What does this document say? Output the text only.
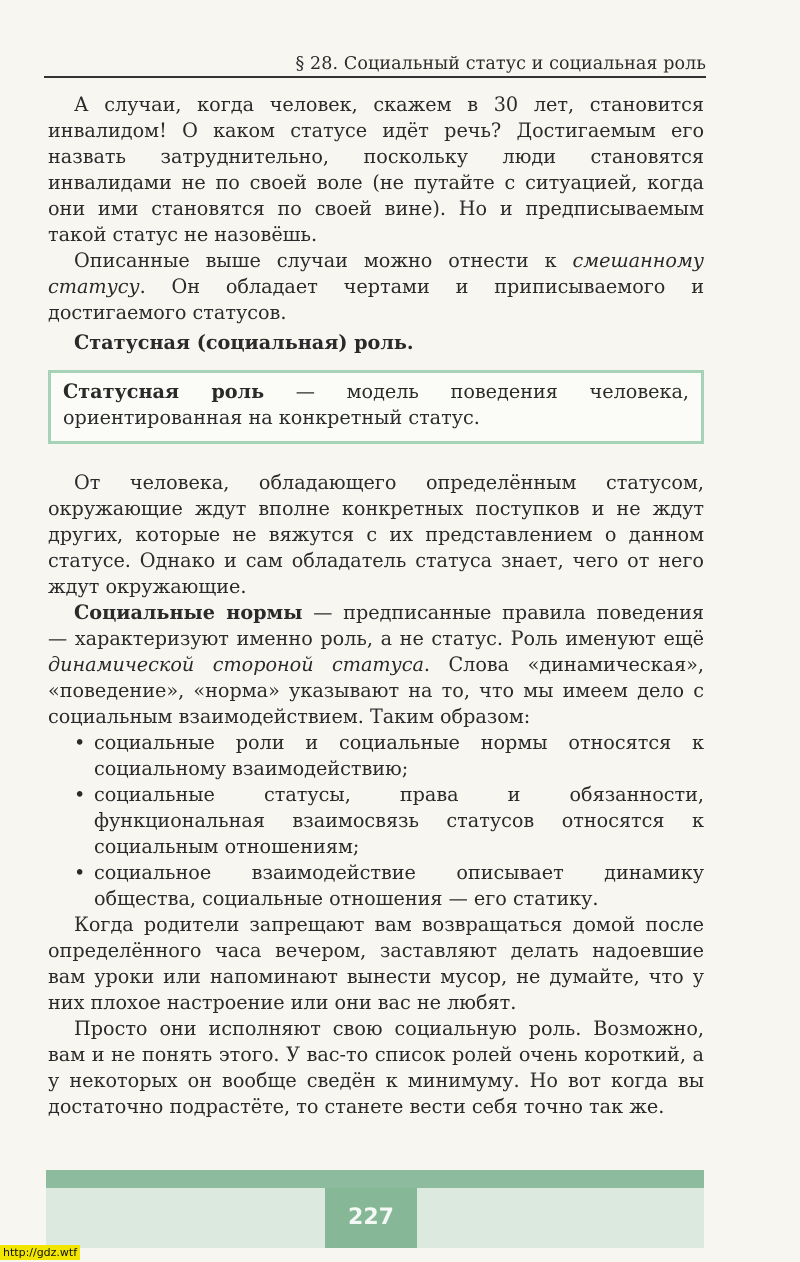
§ 28. Социальный статус и социальная роль

А случаи, когда человек, скажем в 30 лет, становится инвалидом! О каком статусе идёт речь? Достигаемым его назвать затруднительно, поскольку люди становятся инвалидами не по своей воле (не путайте с ситуацией, когда они ими становятся по своей вине). Но и предписываемым такой статус не назовёшь.

Описанные выше случаи можно отнести к смешанному статусу. Он обладает чертами и приписываемого и достигаемого статусов.

Статусная (социальная) роль.

Статусная роль — модель поведения человека, ориентированная на конкретный статус.

От человека, обладающего определённым статусом, окружающие ждут вполне конкретных поступков и не ждут других, которые не вяжутся с их представлением о данном статусе. Однако и сам обладатель статуса знает, чего от него ждут окружающие.

Социальные нормы — предписанные правила поведения — характеризуют именно роль, а не статус. Роль именуют ещё динамической стороной статуса. Слова «динамическая», «поведение», «норма» указывают на то, что мы имеем дело с социальным взаимодействием. Таким образом:

• социальные роли и социальные нормы относятся к социальному взаимодействию;
• социальные статусы, права и обязанности, функциональная взаимосвязь статусов относятся к социальным отношениям;
• социальное взаимодействие описывает динамику общества, социальные отношения — его статику.

Когда родители запрещают вам возвращаться домой после определённого часа вечером, заставляют делать надоевшие вам уроки или напоминают вынести мусор, не думайте, что у них плохое настроение или они вас не любят.

Просто они исполняют свою социальную роль. Возможно, вам и не понять этого. У вас-то список ролей очень короткий, а у некоторых он вообще сведён к минимуму. Но вот когда вы достаточно подрастёте, то станете вести себя точно так же.

227
http://gdz.wtf
